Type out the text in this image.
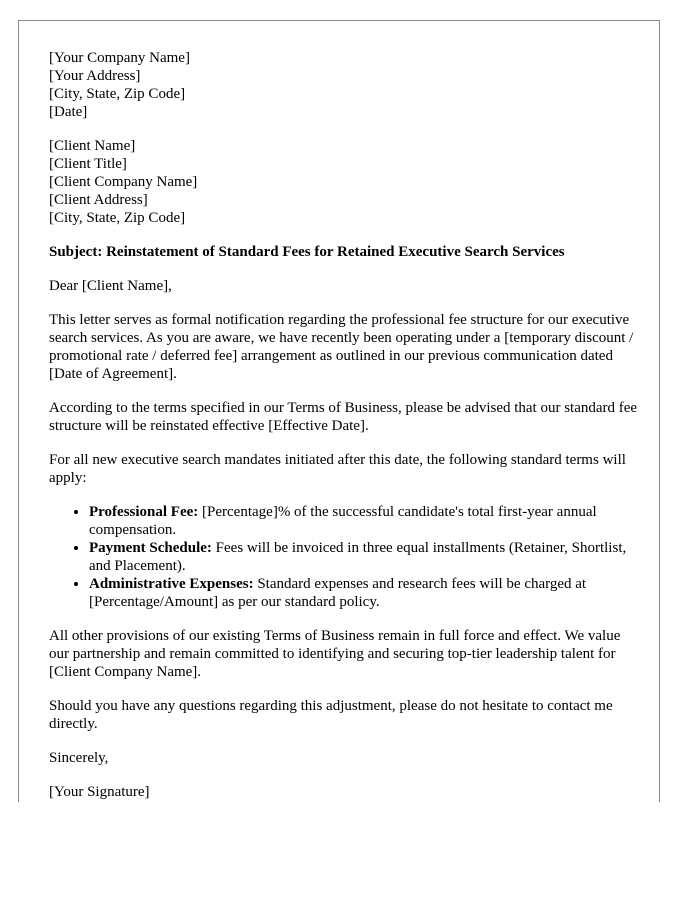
[Your Company Name]
[Your Address]
[City, State, Zip Code]
[Date]
[Client Name]
[Client Title]
[Client Company Name]
[Client Address]
[City, State, Zip Code]

Subject: Reinstatement of Standard Fees for Retained Executive Search Services

Dear [Client Name],

This letter serves as formal notification regarding the professional fee structure for our executive search services. As you are aware, we have recently been operating under a [temporary discount / promotional rate / deferred fee] arrangement as outlined in our previous communication dated [Date of Agreement].

According to the terms specified in our Terms of Business, please be advised that our standard fee structure will be reinstated effective [Effective Date].

For all new executive search mandates initiated after this date, the following standard terms will apply:

• Professional Fee: [Percentage]% of the successful candidate's total first-year annual compensation.
• Payment Schedule: Fees will be invoiced in three equal installments (Retainer, Shortlist, and Placement).
• Administrative Expenses: Standard expenses and research fees will be charged at [Percentage/Amount] as per our standard policy.

All other provisions of our existing Terms of Business remain in full force and effect. We value our partnership and remain committed to identifying and securing top-tier leadership talent for [Client Company Name].

Should you have any questions regarding this adjustment, please do not hesitate to contact me directly.

Sincerely,

[Your Signature]
